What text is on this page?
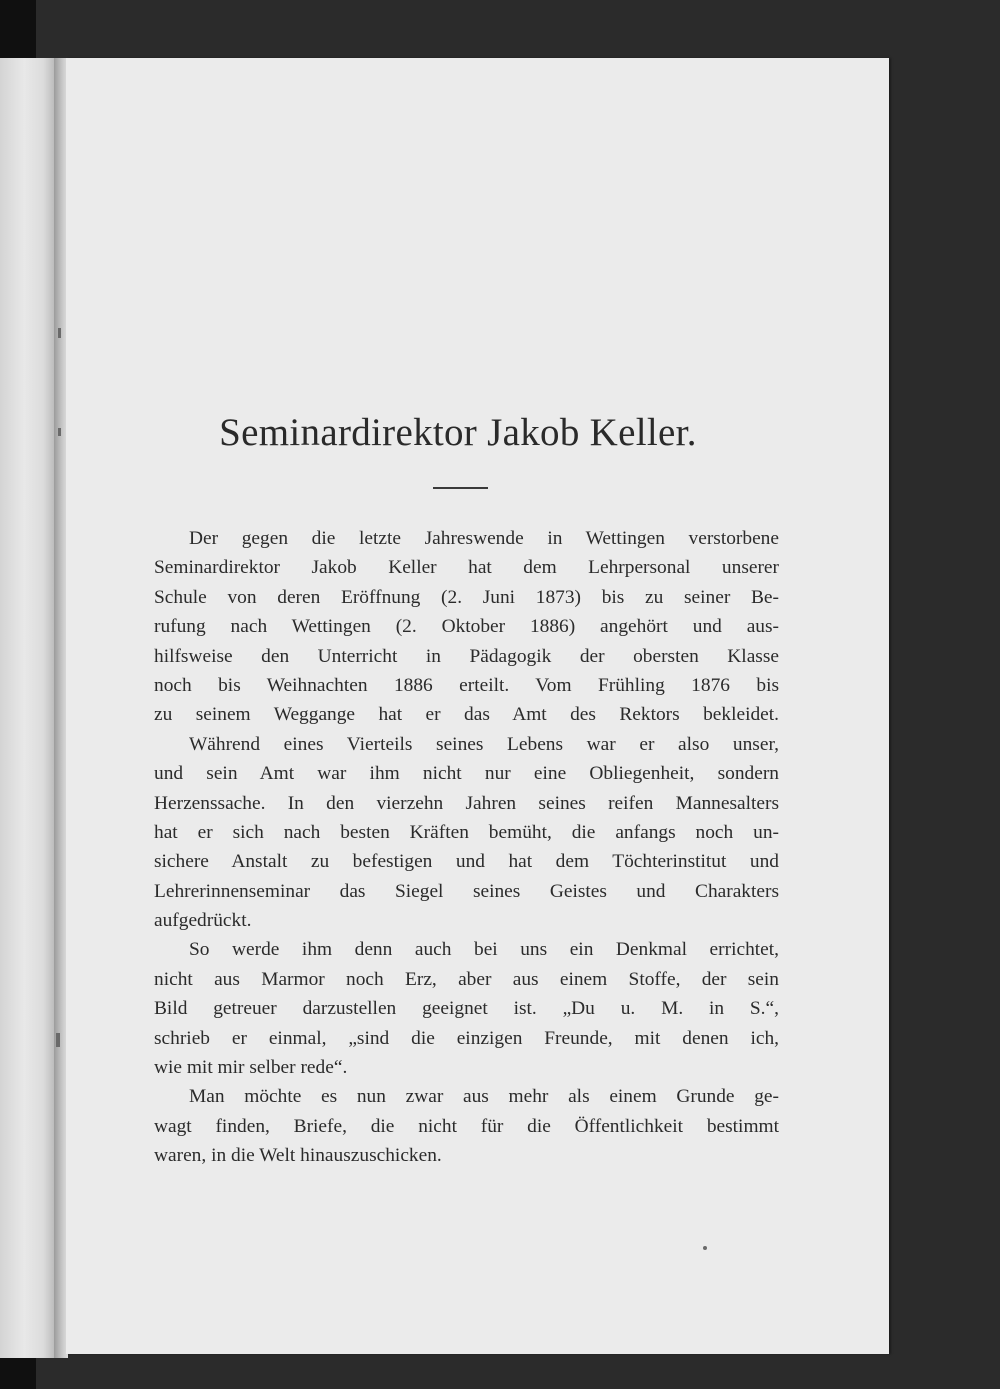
Seminardirektor Jakob Keller.
Der gegen die letzte Jahreswende in Wettingen verstorbene
Seminardirektor Jakob Keller hat dem Lehrpersonal unserer
Schule von deren Eröffnung (2. Juni 1873) bis zu seiner Be-
rufung nach Wettingen (2. Oktober 1886) angehört und aus-
hilfsweise den Unterricht in Pädagogik der obersten Klasse
noch bis Weihnachten 1886 erteilt. Vom Frühling 1876 bis
zu seinem Weggange hat er das Amt des Rektors bekleidet.
Während eines Vierteils seines Lebens war er also unser,
und sein Amt war ihm nicht nur eine Obliegenheit, sondern
Herzenssache. In den vierzehn Jahren seines reifen Mannesalters
hat er sich nach besten Kräften bemüht, die anfangs noch un-
sichere Anstalt zu befestigen und hat dem Töchterinstitut und
Lehrerinnenseminar das Siegel seines Geistes und Charakters
aufgedrückt.
So werde ihm denn auch bei uns ein Denkmal errichtet,
nicht aus Marmor noch Erz, aber aus einem Stoffe, der sein
Bild getreuer darzustellen geeignet ist. „Du u. M. in S.“,
schrieb er einmal, „sind die einzigen Freunde, mit denen ich,
wie mit mir selber rede“.
Man möchte es nun zwar aus mehr als einem Grunde ge-
wagt finden, Briefe, die nicht für die Öffentlichkeit bestimmt
waren, in die Welt hinauszuschicken.
